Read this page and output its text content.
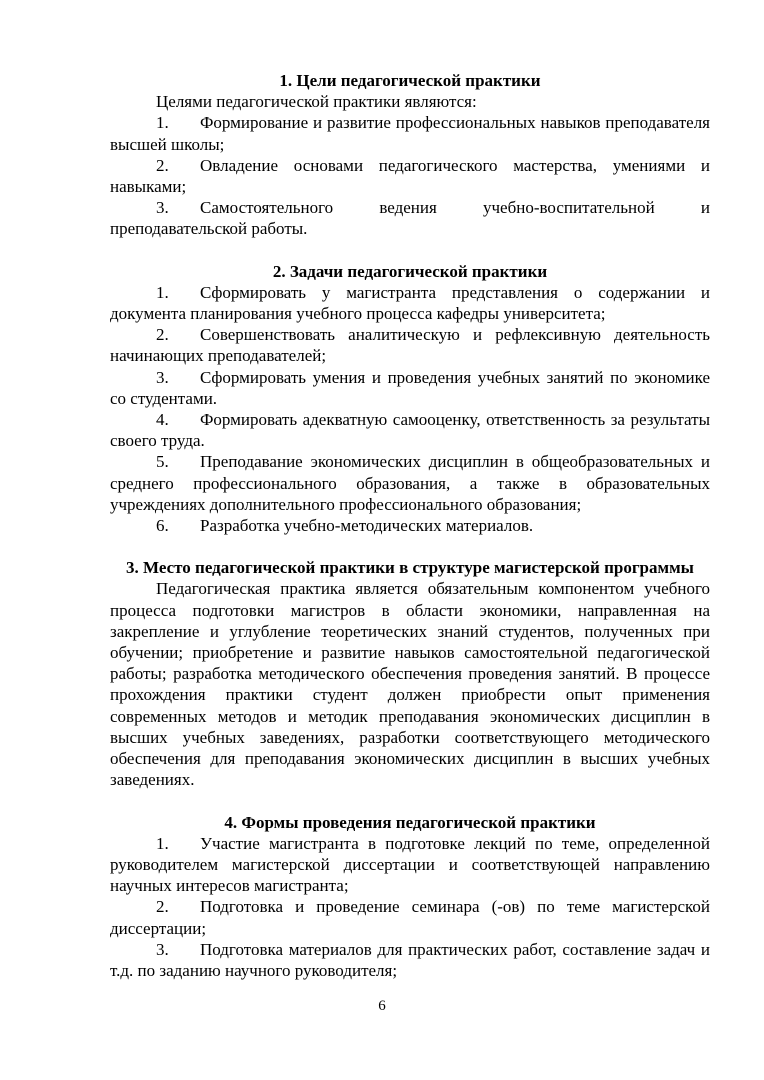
1. Цели педагогической практики

Целями педагогической практики являются:

1. Формирование и развитие профессиональных навыков преподавателя высшей школы;

2. Овладение основами педагогического мастерства, умениями и навыками;

3. Самостоятельного ведения учебно-воспитательной и преподавательской работы.

2. Задачи педагогической практики

1. Сформировать у магистранта представления о содержании и документа планирования учебного процесса кафедры университета;

2. Совершенствовать аналитическую и рефлексивную деятельность начинающих преподавателей;

3. Сформировать умения и проведения учебных занятий по экономике со студентами.

4. Формировать адекватную самооценку, ответственность за результаты своего труда.

5. Преподавание экономических дисциплин в общеобразовательных и среднего профессионального образования, а также в образовательных учреждениях дополнительного профессионального образования;

6. Разработка учебно-методических материалов.

3. Место педагогической практики в структуре магистерской программы

Педагогическая практика является обязательным компонентом учебного процесса подготовки магистров в области экономики, направленная на закрепление и углубление теоретических знаний студентов, полученных при обучении; приобретение и развитие навыков самостоятельной педагогической работы; разработка методического обеспечения проведения занятий. В процессе прохождения практики студент должен приобрести опыт применения современных методов и методик преподавания экономических дисциплин в высших учебных заведениях, разработки соответствующего методического обеспечения для преподавания экономических дисциплин в высших учебных заведениях.

4. Формы проведения педагогической практики

1. Участие магистранта в подготовке лекций по теме, определенной руководителем магистерской диссертации и соответствующей направлению научных интересов магистранта;

2. Подготовка и проведение семинара (-ов) по теме магистерской диссертации;

3. Подготовка материалов для практических работ, составление задач и т.д. по заданию научного руководителя;

6
